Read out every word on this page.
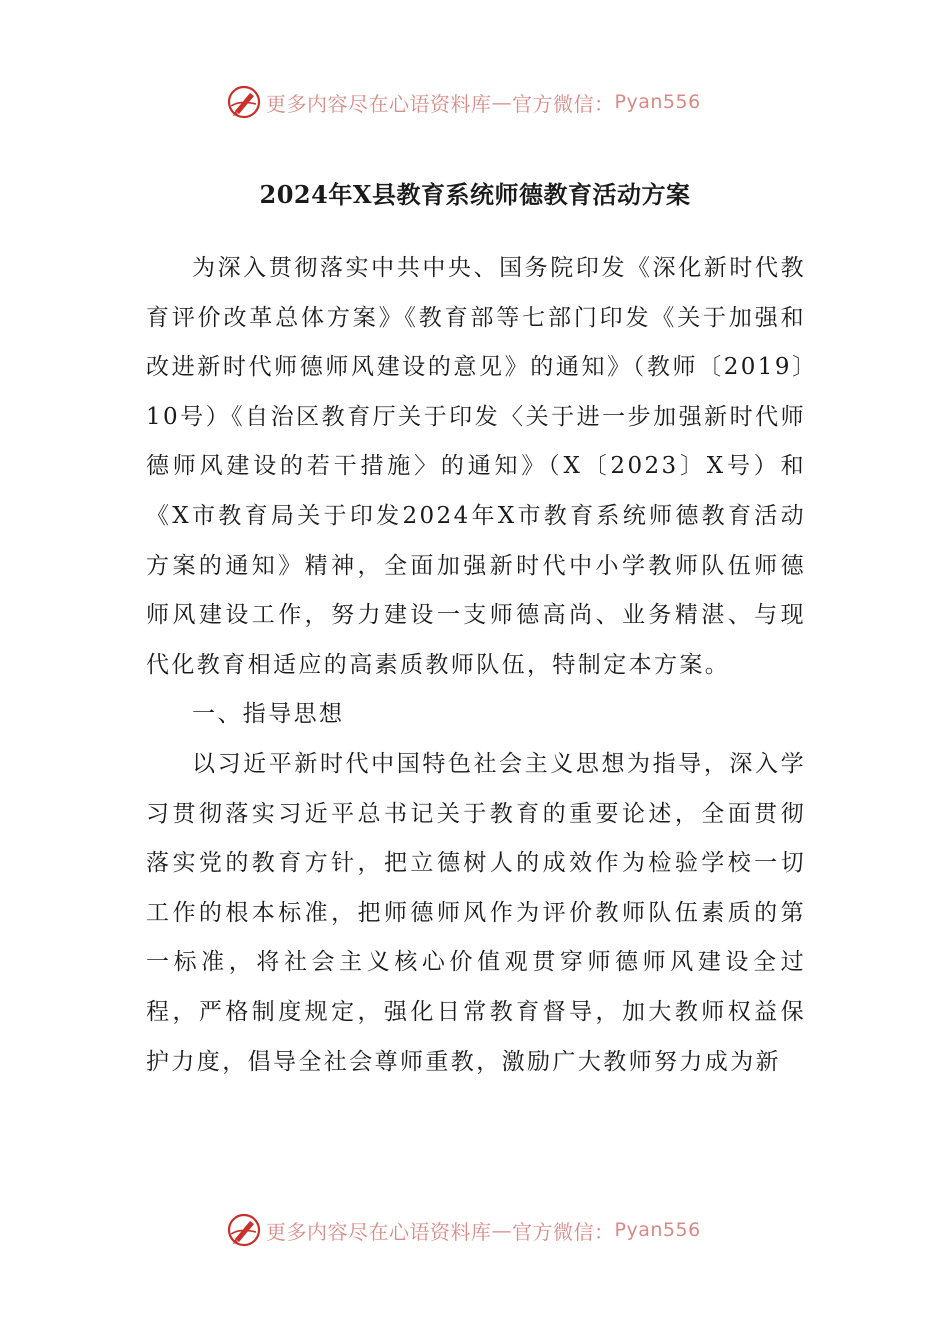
更多内容尽在心语资料库 — 官方微信： Pyan556
2024年X县教育系统师德教育活动方案

为深入贯彻落实中共中央、国务院印发《深化新时代教育评价改革总体方案》《教育部等七部门印发《关于加强和改进新时代师德师风建设的意见》的通知》（教师〔2019〕10号）《自治区教育厅关于印发〈关于进一步加强新时代师德师风建设的若干措施〉的通知》（X〔2023〕X号）和《X市教育局关于印发2024年X市教育系统师德教育活动方案的通知》精神，全面加强新时代中小学教师队伍师德师风建设工作，努力建设一支师德高尚、业务精湛、与现代化教育相适应的高素质教师队伍，特制定本方案。

一、指导思想

以习近平新时代中国特色社会主义思想为指导，深入学习贯彻落实习近平总书记关于教育的重要论述，全面贯彻落实党的教育方针，把立德树人的成效作为检验学校一切工作的根本标准，把师德师风作为评价教师队伍素质的第一标准，将社会主义核心价值观贯穿师德师风建设全过程，严格制度规定，强化日常教育督导，加大教师权益保护力度，倡导全社会尊师重教，激励广大教师努力成为新

更多内容尽在心语资料库 — 官方微信： Pyan556
